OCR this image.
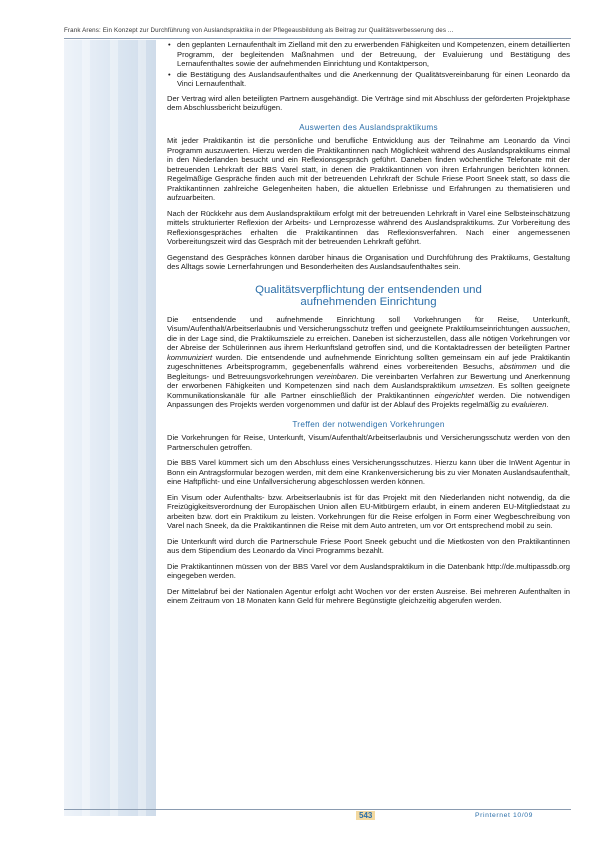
Frank Arens: Ein Konzept zur Durchführung von Auslandspraktika in der Pflegeausbildung als Beitrag zur Qualitätsverbesserung des ...
• den geplanten Lernaufenthalt im Zielland mit den zu erwerbenden Fähigkeiten und Kompetenzen, einem detaillierten Programm, der begleitenden Maßnahmen und der Betreuung, der Evaluierung und Bestätigung des Lernaufenthaltes sowie der aufnehmenden Einrichtung und Kontaktperson,
• die Bestätigung des Auslandsaufenthaltes und die Anerkennung der Qualitätsvereinbarung für einen Leonardo da Vinci Lernaufenthalt.

Der Vertrag wird allen beteiligten Partnern ausgehändigt. Die Verträge sind mit Abschluss der geförderten Projektphase dem Abschlussbericht beizufügen.

Auswerten des Auslandspraktikums

Mit jeder Praktikantin ist die persönliche und berufliche Entwicklung aus der Teilnahme am Leonardo da Vinci Programm auszuwerten. Hierzu werden die Praktikantinnen nach Möglichkeit während des Auslandspraktikums einmal in den Niederlanden besucht und ein Reflexionsgespräch geführt. Daneben finden wöchentliche Telefonate mit der betreuenden Lehrkraft der BBS Varel statt, in denen die Praktikantinnen von ihren Erfahrungen berichten können. Regelmäßige Gespräche finden auch mit der betreuenden Lehrkraft der Schule Friese Poort Sneek statt, so dass die Praktikantinnen zahlreiche Gelegenheiten haben, die aktuellen Erlebnisse und Erfahrungen zu thematisieren und aufzuarbeiten.

Nach der Rückkehr aus dem Auslandspraktikum erfolgt mit der betreuenden Lehrkraft in Varel eine Selbsteinschätzung mittels strukturierter Reflexion der Arbeits- und Lernprozesse während des Auslandspraktikums. Zur Vorbereitung des Reflexionsgespräches erhalten die Praktikantinnen das Reflexionsverfahren. Nach einer angemessenen Vorbereitungszeit wird das Gespräch mit der betreuenden Lehrkraft geführt.

Gegenstand des Gespräches können darüber hinaus die Organisation und Durchführung des Praktikums, Gestaltung des Alltags sowie Lernerfahrungen und Besonderheiten des Auslandsaufenthaltes sein.

Qualitätsverpflichtung der entsendenden und
aufnehmenden Einrichtung

Die entsendende und aufnehmende Einrichtung soll Vorkehrungen für Reise, Unterkunft, Visum/Aufenthalt/Arbeitserlaubnis und Versicherungsschutz treffen und geeignete Praktikumseinrichtungen aussuchen, die in der Lage sind, die Praktikumsziele zu erreichen. Daneben ist sicherzustellen, dass alle nötigen Vorkehrungen vor der Abreise der Schülerinnen aus ihrem Herkunftsland getroffen sind, und die Kontaktadressen der beteiligten Partner kommuniziert wurden. Die entsendende und aufnehmende Einrichtung sollten gemeinsam ein auf jede Praktikantin zugeschnittenes Arbeitsprogramm, gegebenenfalls während eines vorbereitenden Besuchs, abstimmen und die Begleitungs- und Betreuungsvorkehrungen vereinbaren. Die vereinbarten Verfahren zur Bewertung und Anerkennung der erworbenen Fähigkeiten und Kompetenzen sind nach dem Auslandspraktikum umsetzen. Es sollten geeignete Kommunikationskanäle für alle Partner einschließlich der Praktikantinnen eingerichtet werden. Die notwendigen Anpassungen des Projekts werden vorgenommen und dafür ist der Ablauf des Projekts regelmäßig zu evaluieren.

Treffen der notwendigen Vorkehrungen

Die Vorkehrungen für Reise, Unterkunft, Visum/Aufenthalt/Arbeitserlaubnis und Versicherungsschutz werden von den Partnerschulen getroffen.

Die BBS Varel kümmert sich um den Abschluss eines Versicherungsschutzes. Hierzu kann über die InWent Agentur in Bonn ein Antragsformular bezogen werden, mit dem eine Krankenversicherung bis zu vier Monaten Auslandsaufenthalt, eine Haftpflicht- und eine Unfallversicherung abgeschlossen werden können.

Ein Visum oder Aufenthalts- bzw. Arbeitserlaubnis ist für das Projekt mit den Niederlanden nicht notwendig, da die Freizügigkeitsverordnung der Europäischen Union allen EU-Mitbürgern erlaubt, in einem anderen EU-Mitgliedstaat zu arbeiten bzw. dort ein Praktikum zu leisten. Vorkehrungen für die Reise erfolgen in Form einer Wegbeschreibung von Varel nach Sneek, da die Praktikantinnen die Reise mit dem Auto antreten, um vor Ort entsprechend mobil zu sein.

Die Unterkunft wird durch die Partnerschule Friese Poort Sneek gebucht und die Mietkosten von den Praktikantinnen aus dem Stipendium des Leonardo da Vinci Programms bezahlt.

Die Praktikantinnen müssen von der BBS Varel vor dem Auslandspraktikum in die Datenbank http://de.multipassdb.org eingegeben werden.

Der Mittelabruf bei der Nationalen Agentur erfolgt acht Wochen vor der ersten Ausreise. Bei mehreren Aufenthalten in einem Zeitraum von 18 Monaten kann Geld für mehrere Begünstigte gleichzeitig abgerufen werden.

543	Printernet 10/09
